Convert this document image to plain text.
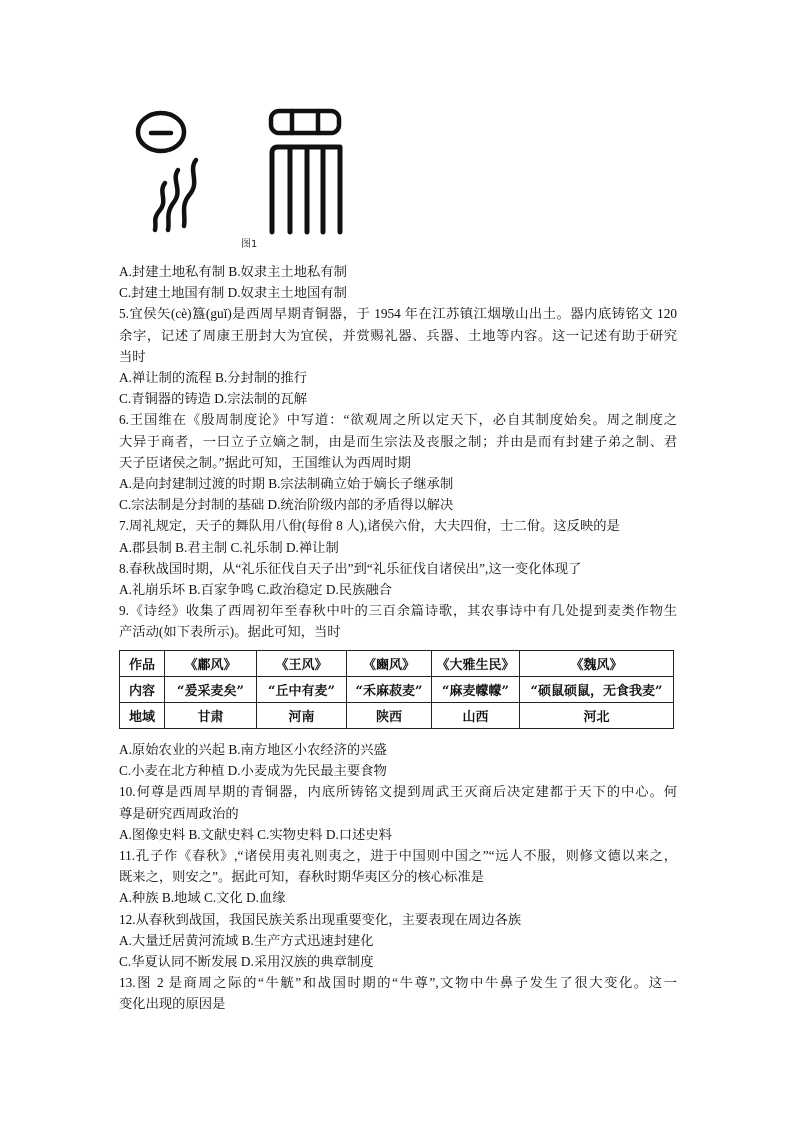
图1
A.封建土地私有制 B.奴隶主土地私有制
C.封建土地国有制 D.奴隶主土地国有制
5.宜侯矢(cè)簋(guǐ)是西周早期青铜器，于 1954 年在江苏镇江烟墩山出土。器内底铸铭文 120
余字，记述了周康王册封大为宜侯，并赏赐礼器、兵器、土地等内容。这一记述有助于研究
当时
A.禅让制的流程 B.分封制的推行
C.青铜器的铸造 D.宗法制的瓦解
6.王国维在《殷周制度论》中写道：“欲观周之所以定天下，必自其制度始矣。周之制度之
大异于商者，一曰立子立嫡之制，由是而生宗法及丧服之制；并由是而有封建子弟之制、君
天子臣诸侯之制。”据此可知，王国维认为西周时期
A.是向封建制过渡的时期 B.宗法制确立始于嫡长子继承制
C.宗法制是分封制的基础 D.统治阶级内部的矛盾得以解决
7.周礼规定，天子的舞队用八佾(每佾 8 人),诸侯六佾，大夫四佾，士二佾。这反映的是
A.郡县制 B.君主制 C.礼乐制 D.禅让制
8.春秋战国时期，从“礼乐征伐自天子出”到“礼乐征伐自诸侯出”,这一变化体现了
A.礼崩乐坏 B.百家争鸣 C.政治稳定 D.民族融合
9.《诗经》收集了西周初年至春秋中叶的三百余篇诗歌，其农事诗中有几处提到麦类作物生
产活动(如下表所示)。据此可知，当时
作品	《鄘风》	《王风》	《豳风》	《大雅生民》	《魏风》
内容	“爰采麦矣”	“丘中有麦”	“禾麻菽麦”	“麻麦幪幪”	“硕鼠硕鼠，无食我麦”
地域	甘肃	河南	陕西	山西	河北
A.原始农业的兴起 B.南方地区小农经济的兴盛
C.小麦在北方种植 D.小麦成为先民最主要食物
10.何尊是西周早期的青铜器，内底所铸铭文提到周武王灭商后决定建都于天下的中心。何
尊是研究西周政治的
A.图像史料 B.文献史料 C.实物史料 D.口述史料
11.孔子作《春秋》,“诸侯用夷礼则夷之，进于中国则中国之”“远人不服，则修文德以来之，
既来之，则安之”。据此可知，春秋时期华夷区分的核心标准是
A.种族 B.地域 C.文化 D.血缘
12.从春秋到战国，我国民族关系出现重要变化，主要表现在周边各族
A.大量迁居黄河流域 B.生产方式迅速封建化
C.华夏认同不断发展 D.采用汉族的典章制度
13.图 2 是商周之际的“牛觥”和战国时期的“牛尊”,文物中牛鼻子发生了很大变化。这一
变化出现的原因是
